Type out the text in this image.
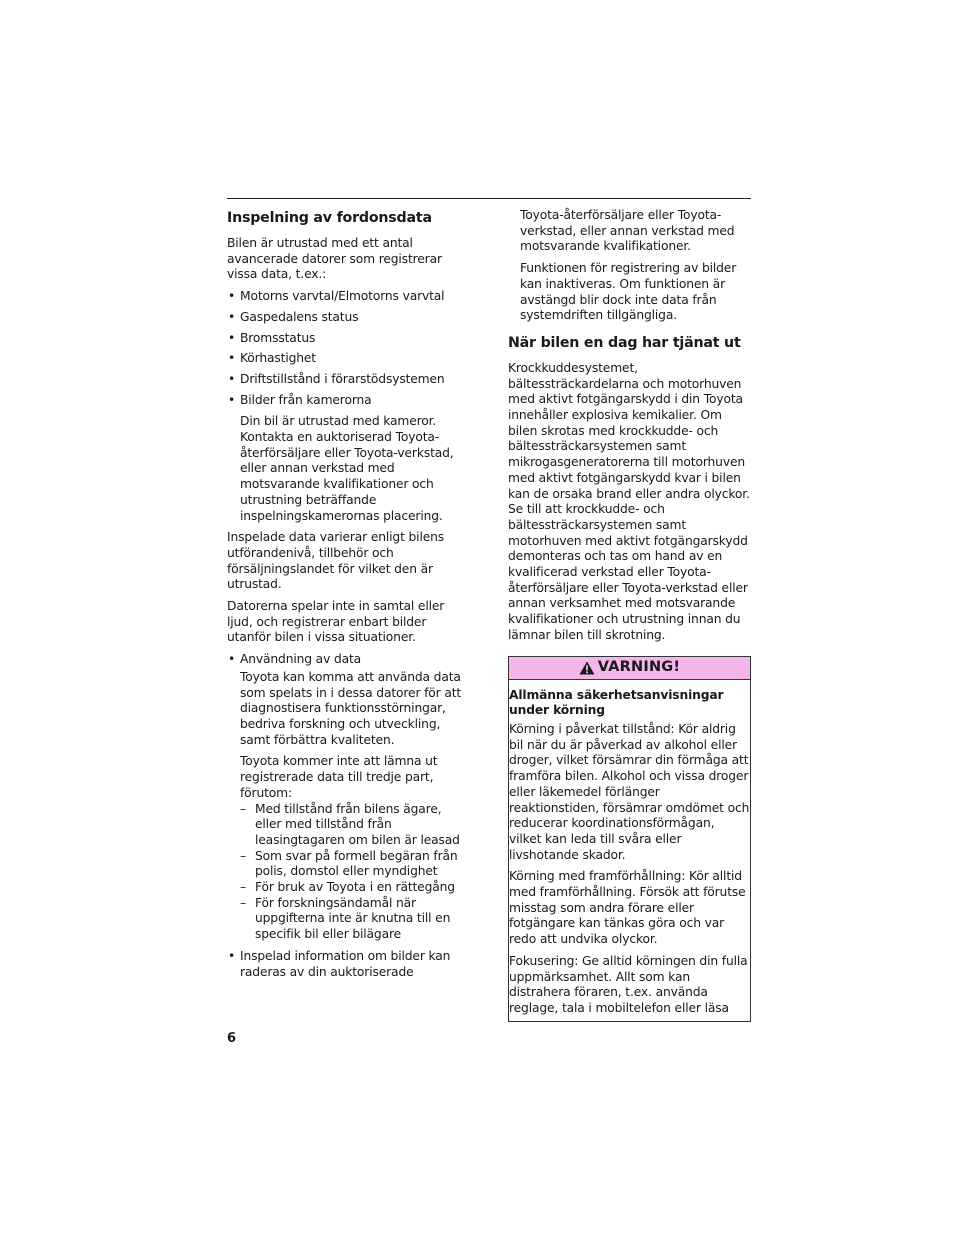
Inspelning av fordonsdata

Bilen är utrustad med ett antal avancerade datorer som registrerar vissa data, t.ex.:

• Motorns varvtal/Elmotorns varvtal
• Gaspedalens status
• Bromsstatus
• Körhastighet
• Driftstillstånd i förarstödsystemen
• Bilder från kamerorna

Din bil är utrustad med kameror. Kontakta en auktoriserad Toyota-återförsäljare eller Toyota-verkstad, eller annan verkstad med motsvarande kvalifikationer och utrustning beträffande inspelningskamerornas placering.

Inspelade data varierar enligt bilens utförandenivå, tillbehör och försäljningslandet för vilket den är utrustad.

Datorerna spelar inte in samtal eller ljud, och registrerar enbart bilder utanför bilen i vissa situationer.

• Användning av data

Toyota kan komma att använda data som spelats in i dessa datorer för att diagnostisera funktionsstörningar, bedriva forskning och utveckling, samt förbättra kvaliteten.

Toyota kommer inte att lämna ut registrerade data till tredje part, förutom:

– Med tillstånd från bilens ägare, eller med tillstånd från leasingtagaren om bilen är leasad
– Som svar på formell begäran från polis, domstol eller myndighet
– För bruk av Toyota i en rättegång
– För forskningsändamål när uppgifterna inte är knutna till en specifik bil eller bilägare
• Inspelad information om bilder kan raderas av din auktoriserade

Toyota-återförsäljare eller Toyota-verkstad, eller annan verkstad med motsvarande kvalifikationer.

Funktionen för registrering av bilder kan inaktiveras. Om funktionen är avstängd blir dock inte data från systemdriften tillgängliga.

När bilen en dag har tjänat ut

Krockkuddesystemet, bältessträckardelarna och motorhuven med aktivt fotgängarskydd i din Toyota innehåller explosiva kemikalier. Om bilen skrotas med krockkudde- och bältessträckarsystemen samt mikrogasgeneratorerna till motorhuven med aktivt fotgängarskydd kvar i bilen kan de orsaka brand eller andra olyckor. Se till att krockkudde- och bältessträckarsystemen samt motorhuven med aktivt fotgängarskydd demonteras och tas om hand av en kvalificerad verkstad eller Toyota-återförsäljare eller Toyota-verkstad eller annan verksamhet med motsvarande kvalifikationer och utrustning innan du lämnar bilen till skrotning.

VARNING!
Allmänna säkerhetsanvisningar under körning

Körning i påverkat tillstånd: Kör aldrig bil när du är påverkad av alkohol eller droger, vilket försämrar din förmåga att framföra bilen. Alkohol och vissa droger eller läkemedel förlänger reaktionstiden, försämrar omdömet och reducerar koordinationsförmågan, vilket kan leda till svåra eller livshotande skador.

Körning med framförhållning: Kör alltid med framförhållning. Försök att förutse misstag som andra förare eller fotgängare kan tänkas göra och var redo att undvika olyckor.

Fokusering: Ge alltid körningen din fulla uppmärksamhet. Allt som kan distrahera föraren, t.ex. använda reglage, tala i mobiltelefon eller läsa

6
